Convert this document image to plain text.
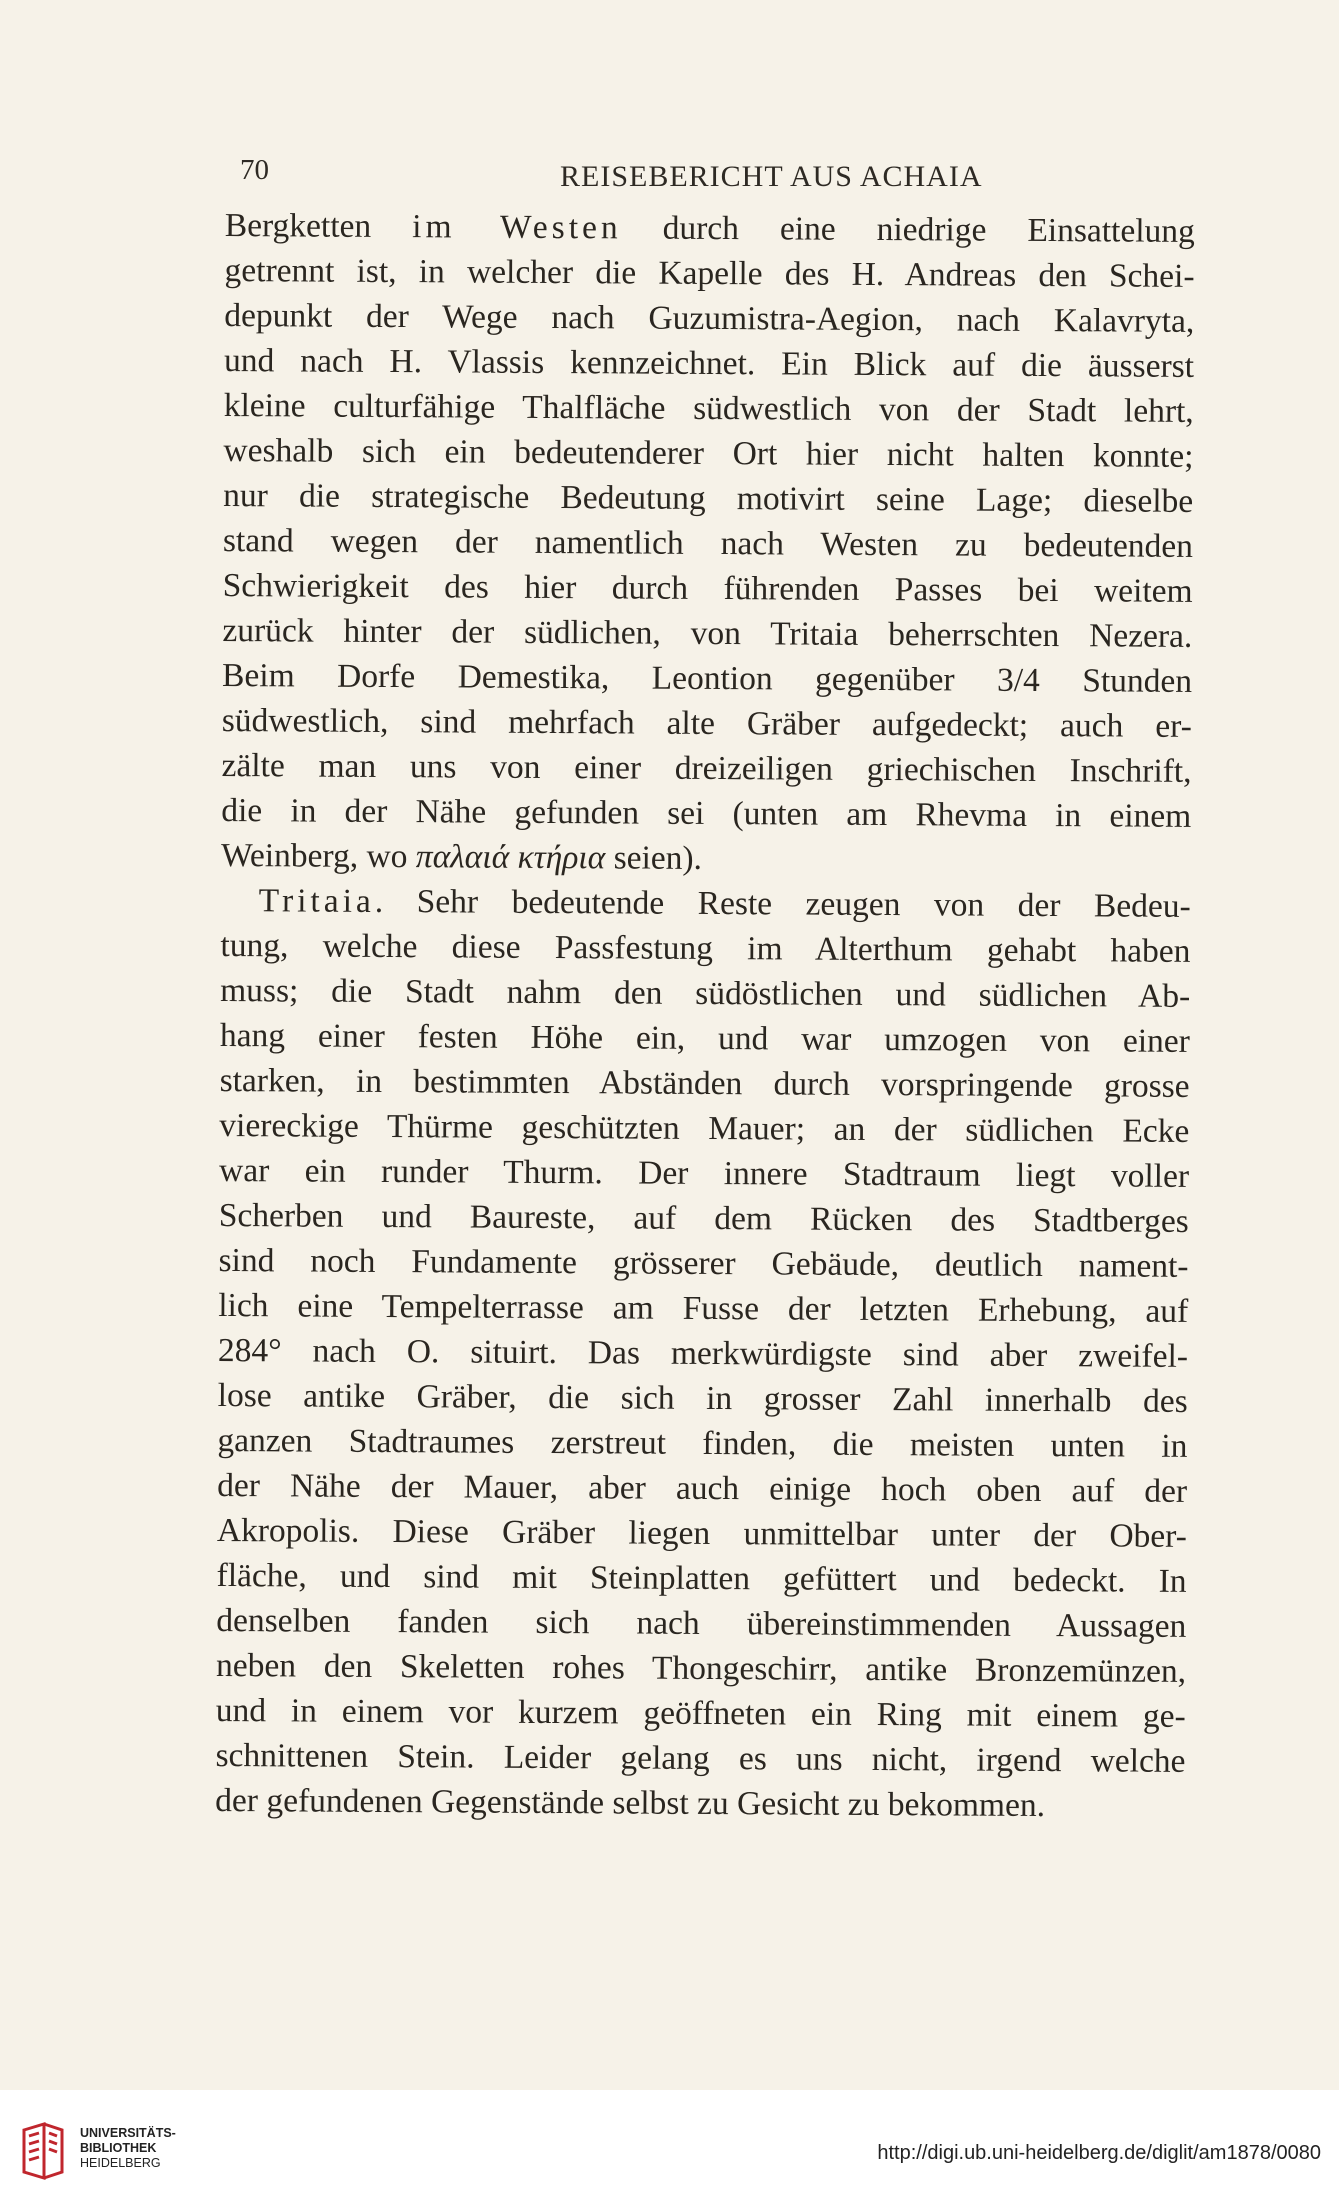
70	REISEBERICHT AUS ACHAIA
Bergketten im Westen durch eine niedrige Einsattelung
getrennt ist, in welcher die Kapelle des H. Andreas den Schei-
depunkt der Wege nach Guzumistra-Aegion, nach Kalavryta,
und nach H. Vlassis kennzeichnet. Ein Blick auf die äusserst
kleine culturfähige Thalfläche südwestlich von der Stadt lehrt,
weshalb sich ein bedeutenderer Ort hier nicht halten konnte;
nur die strategische Bedeutung motivirt seine Lage; dieselbe
stand wegen der namentlich nach Westen zu bedeutenden
Schwierigkeit des hier durch führenden Passes bei weitem
zurück hinter der südlichen, von Tritaia beherrschten Nezera.
Beim Dorfe Demestika, Leontion gegenüber 3/4 Stunden
südwestlich, sind mehrfach alte Gräber aufgedeckt; auch er-
zälte man uns von einer dreizeiligen griechischen Inschrift,
die in der Nähe gefunden sei (unten am Rhevma in einem
Weinberg, wo παλαιά κτήρια seien).
Tritaia. Sehr bedeutende Reste zeugen von der Bedeu-
tung, welche diese Passfestung im Alterthum gehabt haben
muss; die Stadt nahm den südöstlichen und südlichen Ab-
hang einer festen Höhe ein, und war umzogen von einer
starken, in bestimmten Abständen durch vorspringende grosse
viereckige Thürme geschützten Mauer; an der südlichen Ecke
war ein runder Thurm. Der innere Stadtraum liegt voller
Scherben und Baureste, auf dem Rücken des Stadtberges
sind noch Fundamente grösserer Gebäude, deutlich nament-
lich eine Tempelterrasse am Fusse der letzten Erhebung, auf
284° nach O. situirt. Das merkwürdigste sind aber zweifel-
lose antike Gräber, die sich in grosser Zahl innerhalb des
ganzen Stadtraumes zerstreut finden, die meisten unten in
der Nähe der Mauer, aber auch einige hoch oben auf der
Akropolis. Diese Gräber liegen unmittelbar unter der Ober-
fläche, und sind mit Steinplatten gefüttert und bedeckt. In
denselben fanden sich nach übereinstimmenden Aussagen
neben den Skeletten rohes Thongeschirr, antike Bronzemünzen,
und in einem vor kurzem geöffneten ein Ring mit einem ge-
schnittenen Stein. Leider gelang es uns nicht, irgend welche
der gefundenen Gegenstände selbst zu Gesicht zu bekommen.
UNIVERSITÄTS-
BIBLIOTHEK
HEIDELBERG	http://digi.ub.uni-heidelberg.de/diglit/am1878/0080
